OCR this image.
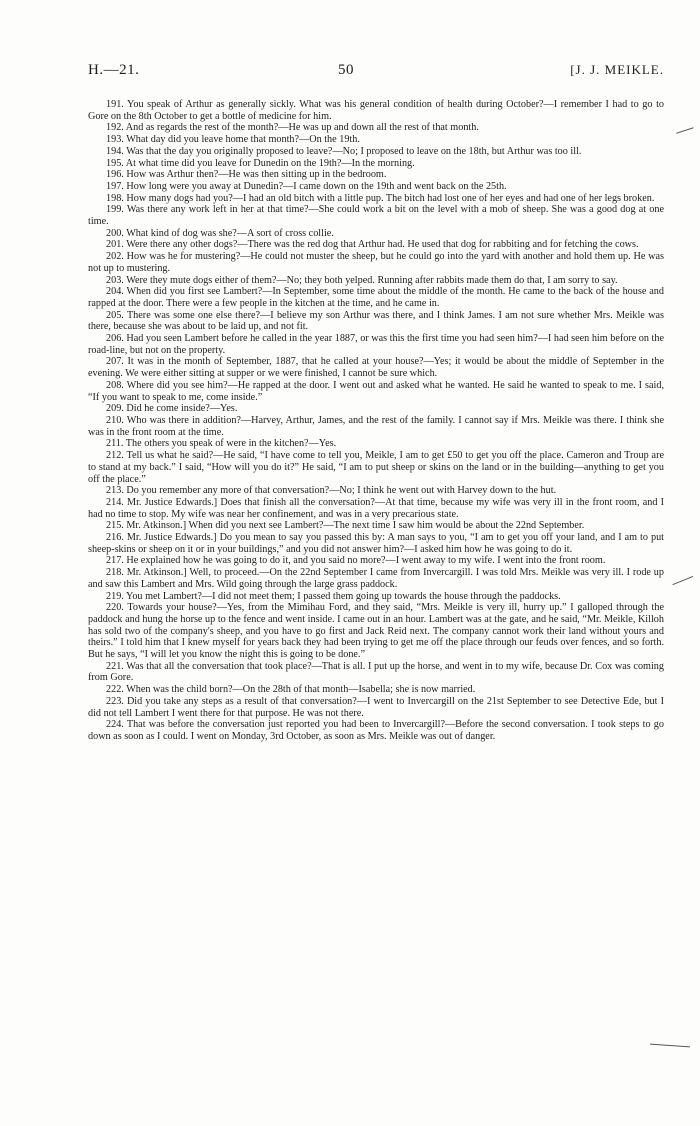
H.—21.	50	[J. J. MEIKLE.

191. You speak of Arthur as generally sickly. What was his general condition of health during October?—I remember I had to go to Gore on the 8th October to get a bottle of medicine for him.

192. And as regards the rest of the month?—He was up and down all the rest of that month.

193. What day did you leave home that month?—On the 19th.

194. Was that the day you originally proposed to leave?—No; I proposed to leave on the 18th, but Arthur was too ill.

195. At what time did you leave for Dunedin on the 19th?—In the morning.

196. How was Arthur then?—He was then sitting up in the bedroom.

197. How long were you away at Dunedin?—I came down on the 19th and went back on the 25th.

198. How many dogs had you?—I had an old bitch with a little pup. The bitch had lost one of her eyes and had one of her legs broken.

199. Was there any work left in her at that time?—She could work a bit on the level with a mob of sheep. She was a good dog at one time.

200. What kind of dog was she?—A sort of cross collie.

201. Were there any other dogs?—There was the red dog that Arthur had. He used that dog for rabbiting and for fetching the cows.

202. How was he for mustering?—He could not muster the sheep, but he could go into the yard with another and hold them up. He was not up to mustering.

203. Were they mute dogs either of them?—No; they both yelped. Running after rabbits made them do that, I am sorry to say.

204. When did you first see Lambert?—In September, some time about the middle of the month. He came to the back of the house and rapped at the door. There were a few people in the kitchen at the time, and he came in.

205. There was some one else there?—I believe my son Arthur was there, and I think James. I am not sure whether Mrs. Meikle was there, because she was about to be laid up, and not fit.

206. Had you seen Lambert before he called in the year 1887, or was this the first time you had seen him?—I had seen him before on the road-line, but not on the property.

207. It was in the month of September, 1887, that he called at your house?—Yes; it would be about the middle of September in the evening. We were either sitting at supper or we were finished, I cannot be sure which.

208. Where did you see him?—He rapped at the door. I went out and asked what he wanted. He said he wanted to speak to me. I said, “If you want to speak to me, come inside.”

209. Did he come inside?—Yes.

210. Who was there in addition?—Harvey, Arthur, James, and the rest of the family. I cannot say if Mrs. Meikle was there. I think she was in the front room at the time.

211. The others you speak of were in the kitchen?—Yes.

212. Tell us what he said?—He said, “I have come to tell you, Meikle, I am to get £50 to get you off the place. Cameron and Troup are to stand at my back.” I said, “How will you do it?” He said, “I am to put sheep or skins on the land or in the building—anything to get you off the place.”

213. Do you remember any more of that conversation?—No; I think he went out with Harvey down to the hut.

214. Mr. Justice Edwards.] Does that finish all the conversation?—At that time, because my wife was very ill in the front room, and I had no time to stop. My wife was near her confinement, and was in a very precarious state.

215. Mr. Atkinson.] When did you next see Lambert?—The next time I saw him would be about the 22nd September.

216. Mr. Justice Edwards.] Do you mean to say you passed this by: A man says to you, “I am to get you off your land, and I am to put sheep-skins or sheep on it or in your buildings,” and you did not answer him?—I asked him how he was going to do it.

217. He explained how he was going to do it, and you said no more?—I went away to my wife. I went into the front room.

218. Mr. Atkinson.] Well, to proceed.—On the 22nd September I came from Invercargill. I was told Mrs. Meikle was very ill. I rode up and saw this Lambert and Mrs. Wild going through the large grass paddock.

219. You met Lambert?—I did not meet them; I passed them going up towards the house through the paddocks.

220. Towards your house?—Yes, from the Mimihau Ford, and they said, “Mrs. Meikle is very ill, hurry up.” I galloped through the paddock and hung the horse up to the fence and went inside. I came out in an hour. Lambert was at the gate, and he said, “Mr. Meikle, Killoh has sold two of the company's sheep, and you have to go first and Jack Reid next. The company cannot work their land without yours and theirs.” I told him that I knew myself for years back they had been trying to get me off the place through our feuds over fences, and so forth. But he says, “I will let you know the night this is going to be done.”

221. Was that all the conversation that took place?—That is all. I put up the horse, and went in to my wife, because Dr. Cox was coming from Gore.

222. When was the child born?—On the 28th of that month—Isabella; she is now married.

223. Did you take any steps as a result of that conversation?—I went to Invercargill on the 21st September to see Detective Ede, but I did not tell Lambert I went there for that purpose. He was not there.

224. That was before the conversation just reported you had been to Invercargill?—Before the second conversation. I took steps to go down as soon as I could. I went on Monday, 3rd October, as soon as Mrs. Meikle was out of danger.
